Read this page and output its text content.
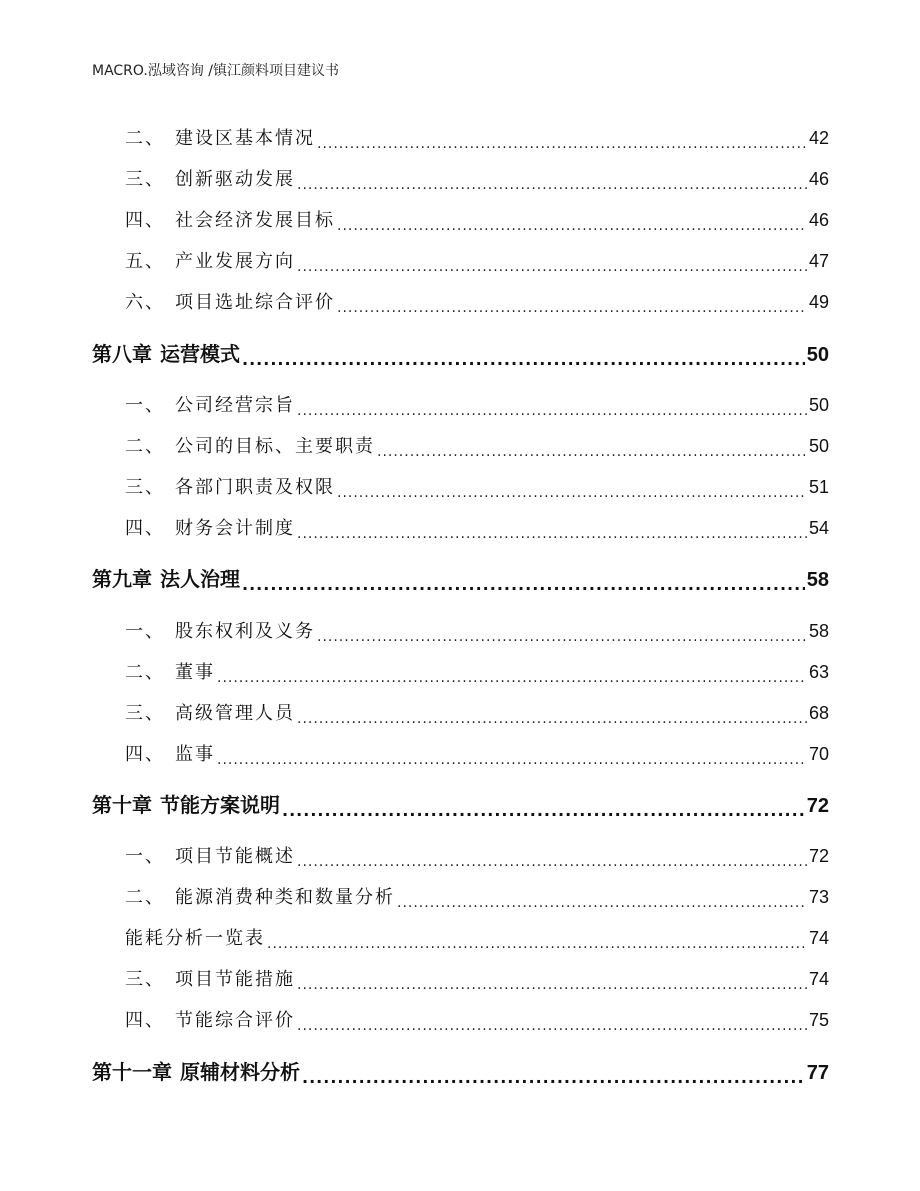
MACRO.泓域咨询 /镇江颜料项目建议书
二、 建设区基本情况 .....	42
三、 创新驱动发展 .....	46
四、 社会经济发展目标 .....	46
五、 产业发展方向 .....	47
六、 项目选址综合评价 .....	49
第八章 运营模式 .....	50
一、 公司经营宗旨 .....	50
二、 公司的目标、主要职责 .....	50
三、 各部门职责及权限 .....	51
四、 财务会计制度 .....	54
第九章 法人治理 .....	58
一、 股东权利及义务 .....	58
二、 董事 .....	63
三、 高级管理人员 .....	68
四、 监事 .....	70
第十章 节能方案说明 .....	72
一、 项目节能概述 .....	72
二、 能源消费种类和数量分析 .....	73
能耗分析一览表 .....	74
三、 项目节能措施 .....	74
四、 节能综合评价 .....	75
第十一章 原辅材料分析 .....	77
